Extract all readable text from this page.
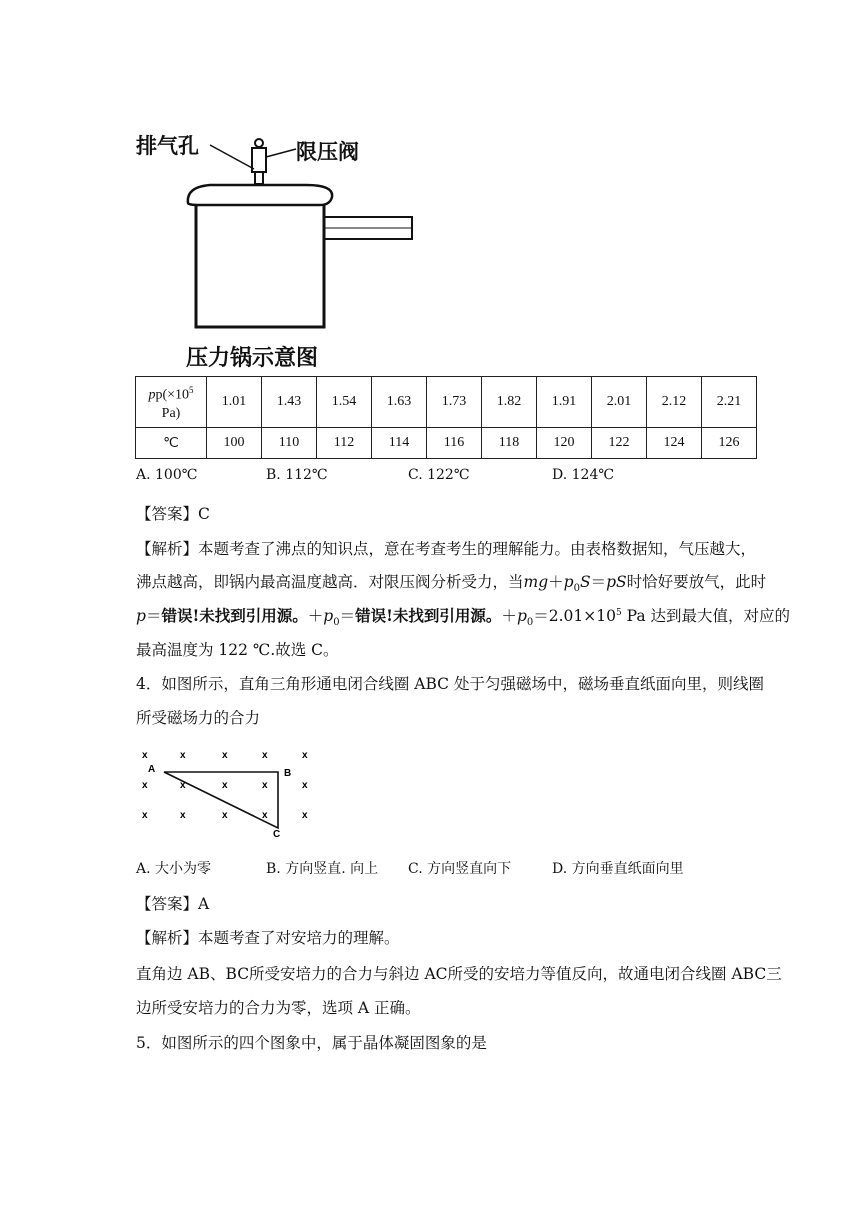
排气孔	限压阀
压力锅示意图
$pp(\times 10^5$
Pa)	1.01	1.43	1.54	1.63	1.73	1.82	1.91	2.01	2.12	2.21
℃	100	110	112	114	116	118	120	122	124	126
A. 100℃	B. 112℃	C. 122℃	D. 124℃
【答案】C
【解析】本题考查了沸点的知识点，意在考查考生的理解能力。由表格数据知，气压越大，
沸点越高，即锅内最高温度越高．对限压阀分析受力，当$mg+p_0S=pS$时恰好要放气，此时
p＝错误!未找到引用源。$+p_0=$错误!未找到引用源。$+p_0=2.01\times 10^5$ Pa 达到最大值，对应的
最高温度为 122 ℃.故选 C。
4．如图所示，直角三角形通电闭合线圈 ABC 处于匀强磁场中，磁场垂直纸面向里，则线圈
所受磁场力的合力
x	x	x	x	x
x	x	x	x	x
x	x	x	x	x
A	B
C
A. 大小为零	B. 方向竖直. 向上 C. 方向竖直向下	D. 方向垂直纸面向里
【答案】A
【解析】本题考查了对安培力的理解。
直角边 AB、BC所受安培力的合力与斜边 AC所受的安培力等值反向，故通电闭合线圈 ABC三
边所受安培力的合力为零，选项 A 正确。
5．如图所示的四个图象中，属于晶体凝固图象的是
